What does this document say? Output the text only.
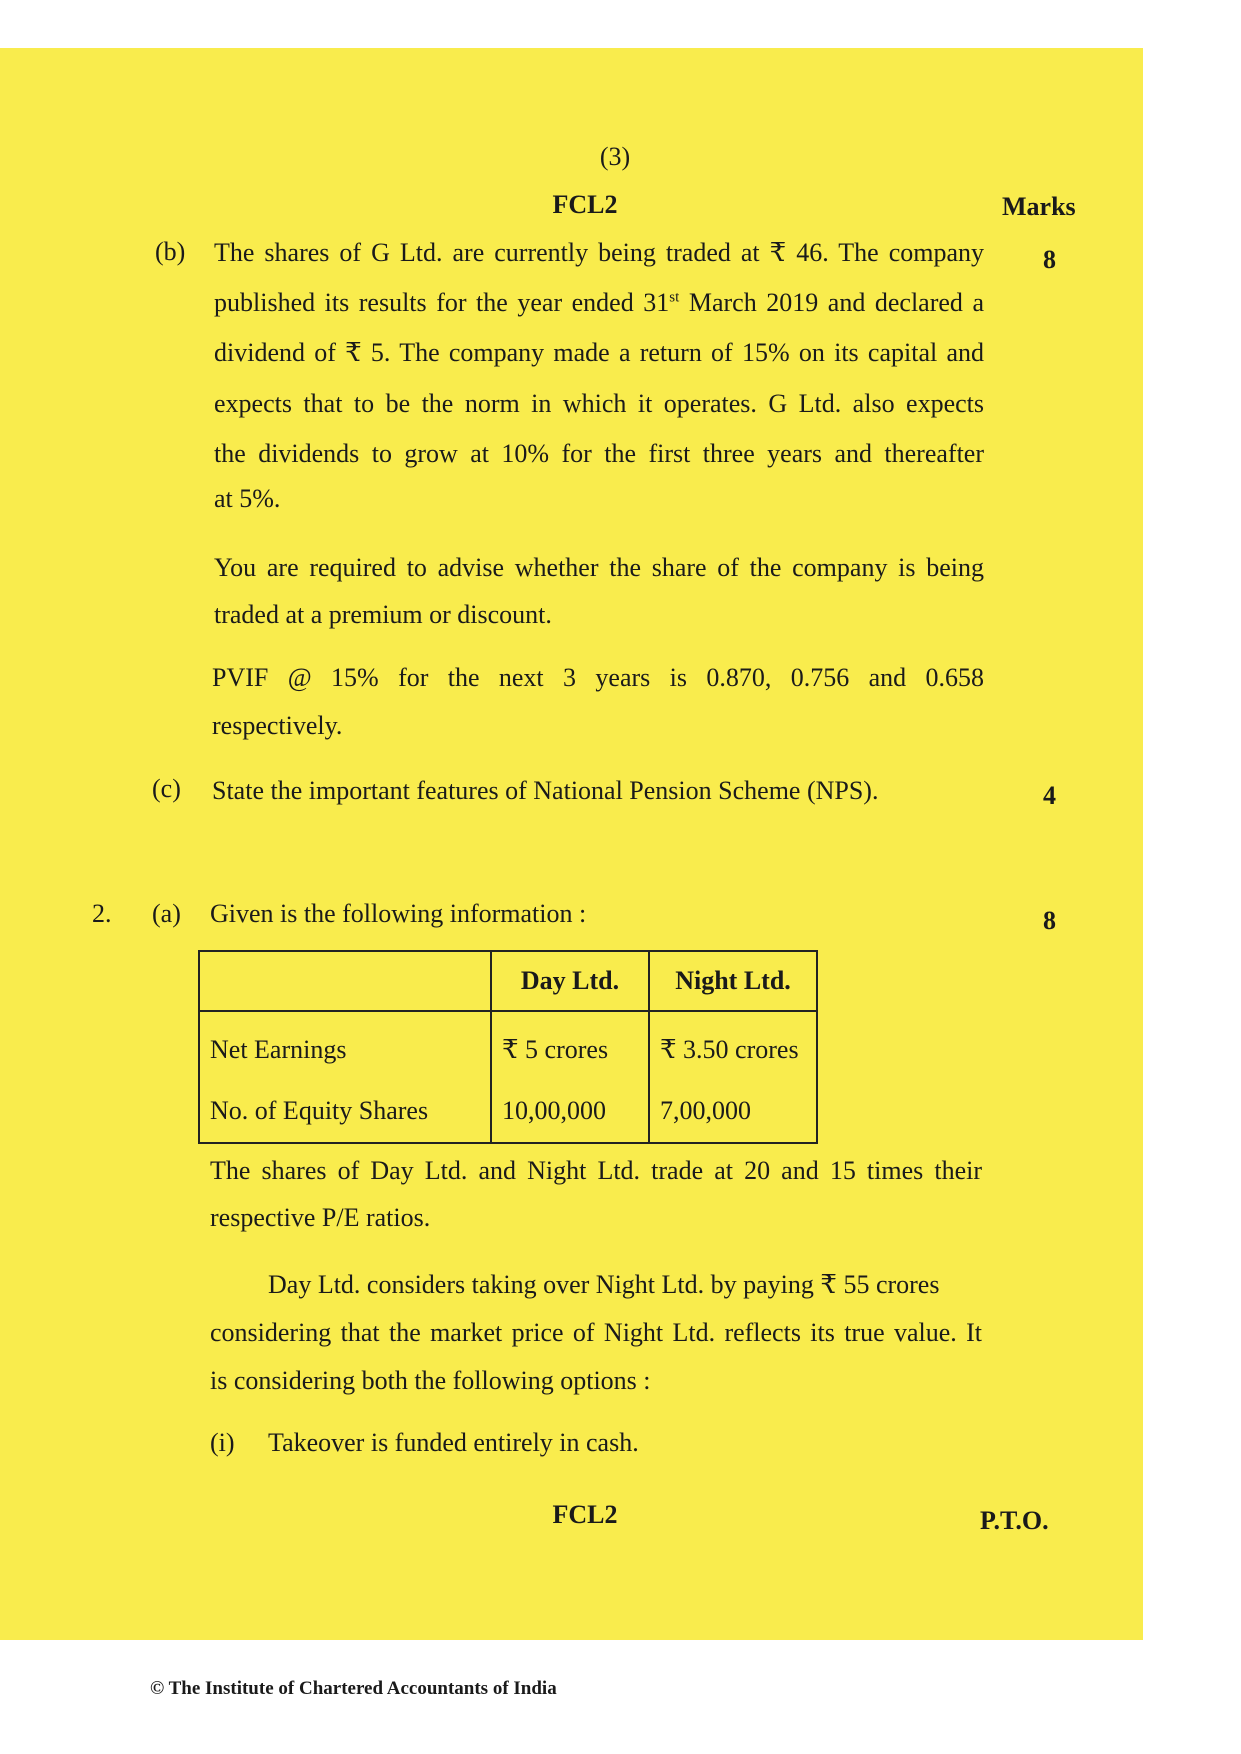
(3)
FCL2	Marks
(b)	8
The shares of G Ltd. are currently being traded at ₹ 46. The company
published its results for the year ended 31st March 2019 and declared a
dividend of ₹ 5. The company made a return of 15% on its capital and
expects that to be the norm in which it operates. G Ltd. also expects
the dividends to grow at 10% for the first three years and thereafter
at 5%.
You are required to advise whether the share of the company is being
traded at a premium or discount.
PVIF @ 15% for the next 3 years is 0.870, 0.756 and 0.658
respectively.
(c) State the important features of National Pension Scheme (NPS).	4
2. (a) Given is the following information :	8
	Day Ltd.	Night Ltd.
Net Earnings	₹ 5 crores	₹ 3.50 crores
No. of Equity Shares	10,00,000	7,00,000
The shares of Day Ltd. and Night Ltd. trade at 20 and 15 times their
respective P/E ratios.
Day Ltd. considers taking over Night Ltd. by paying ₹ 55 crores
considering that the market price of Night Ltd. reflects its true value. It
is considering both the following options :
(i) Takeover is funded entirely in cash.
FCL2	P.T.O.
© The Institute of Chartered Accountants of India
